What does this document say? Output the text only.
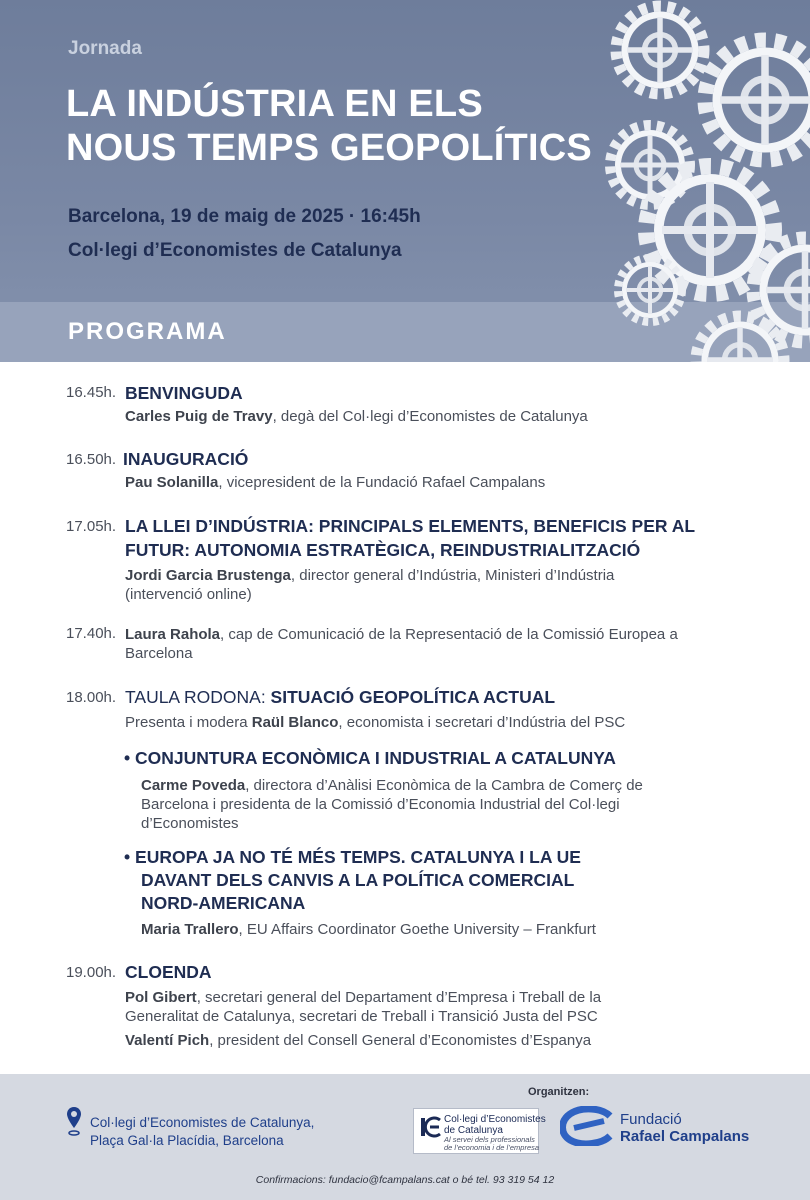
Jornada
LA INDÚSTRIA EN ELS
NOUS TEMPS GEOPOLÍTICS
Barcelona, 19 de maig de 2025 · 16:45h
Col·legi d’Economistes de Catalunya
PROGRAMA
16.45h. BENVINGUDA
Carles Puig de Travy, degà del Col·legi d’Economistes de Catalunya
16.50h. INAUGURACIÓ
Pau Solanilla, vicepresident de la Fundació Rafael Campalans
17.05h. LA LLEI D’INDÚSTRIA: PRINCIPALS ELEMENTS, BENEFICIS PER AL
FUTUR: AUTONOMIA ESTRATÈGICA, REINDUSTRIALITZACIÓ
Jordi Garcia Brustenga, director general d’Indústria, Ministeri d’Indústria
(intervenció online)
17.40h. Laura Rahola, cap de Comunicació de la Representació de la Comissió Europea a
Barcelona
18.00h. TAULA RODONA: SITUACIÓ GEOPOLÍTICA ACTUAL
Presenta i modera Raül Blanco, economista i secretari d’Indústria del PSC
• CONJUNTURA ECONÒMICA I INDUSTRIAL A CATALUNYA
Carme Poveda, directora d’Anàlisi Econòmica de la Cambra de Comerç de
Barcelona i presidenta de la Comissió d’Economia Industrial del Col·legi
d’Economistes
• EUROPA JA NO TÉ MÉS TEMPS. CATALUNYA I LA UE
DAVANT DELS CANVIS A LA POLÍTICA COMERCIAL
NORD-AMERICANA
Maria Trallero, EU Affairs Coordinator Goethe University – Frankfurt
19.00h. CLOENDA
Pol Gibert, secretari general del Departament d’Empresa i Treball de la
Generalitat de Catalunya, secretari de Treball i Transició Justa del PSC
Valentí Pich, president del Consell General d’Economistes d’Espanya
Col·legi d’Economistes de Catalunya,
Plaça Gal·la Placídia, Barcelona
Organitzen:
Col·legi d’Economistes
de Catalunya
Al servei dels professionals
de l’economia i de l’empresa
Fundació
Rafael Campalans
Confirmacions: fundacio@fcampalans.cat o bé tel. 93 319 54 12
